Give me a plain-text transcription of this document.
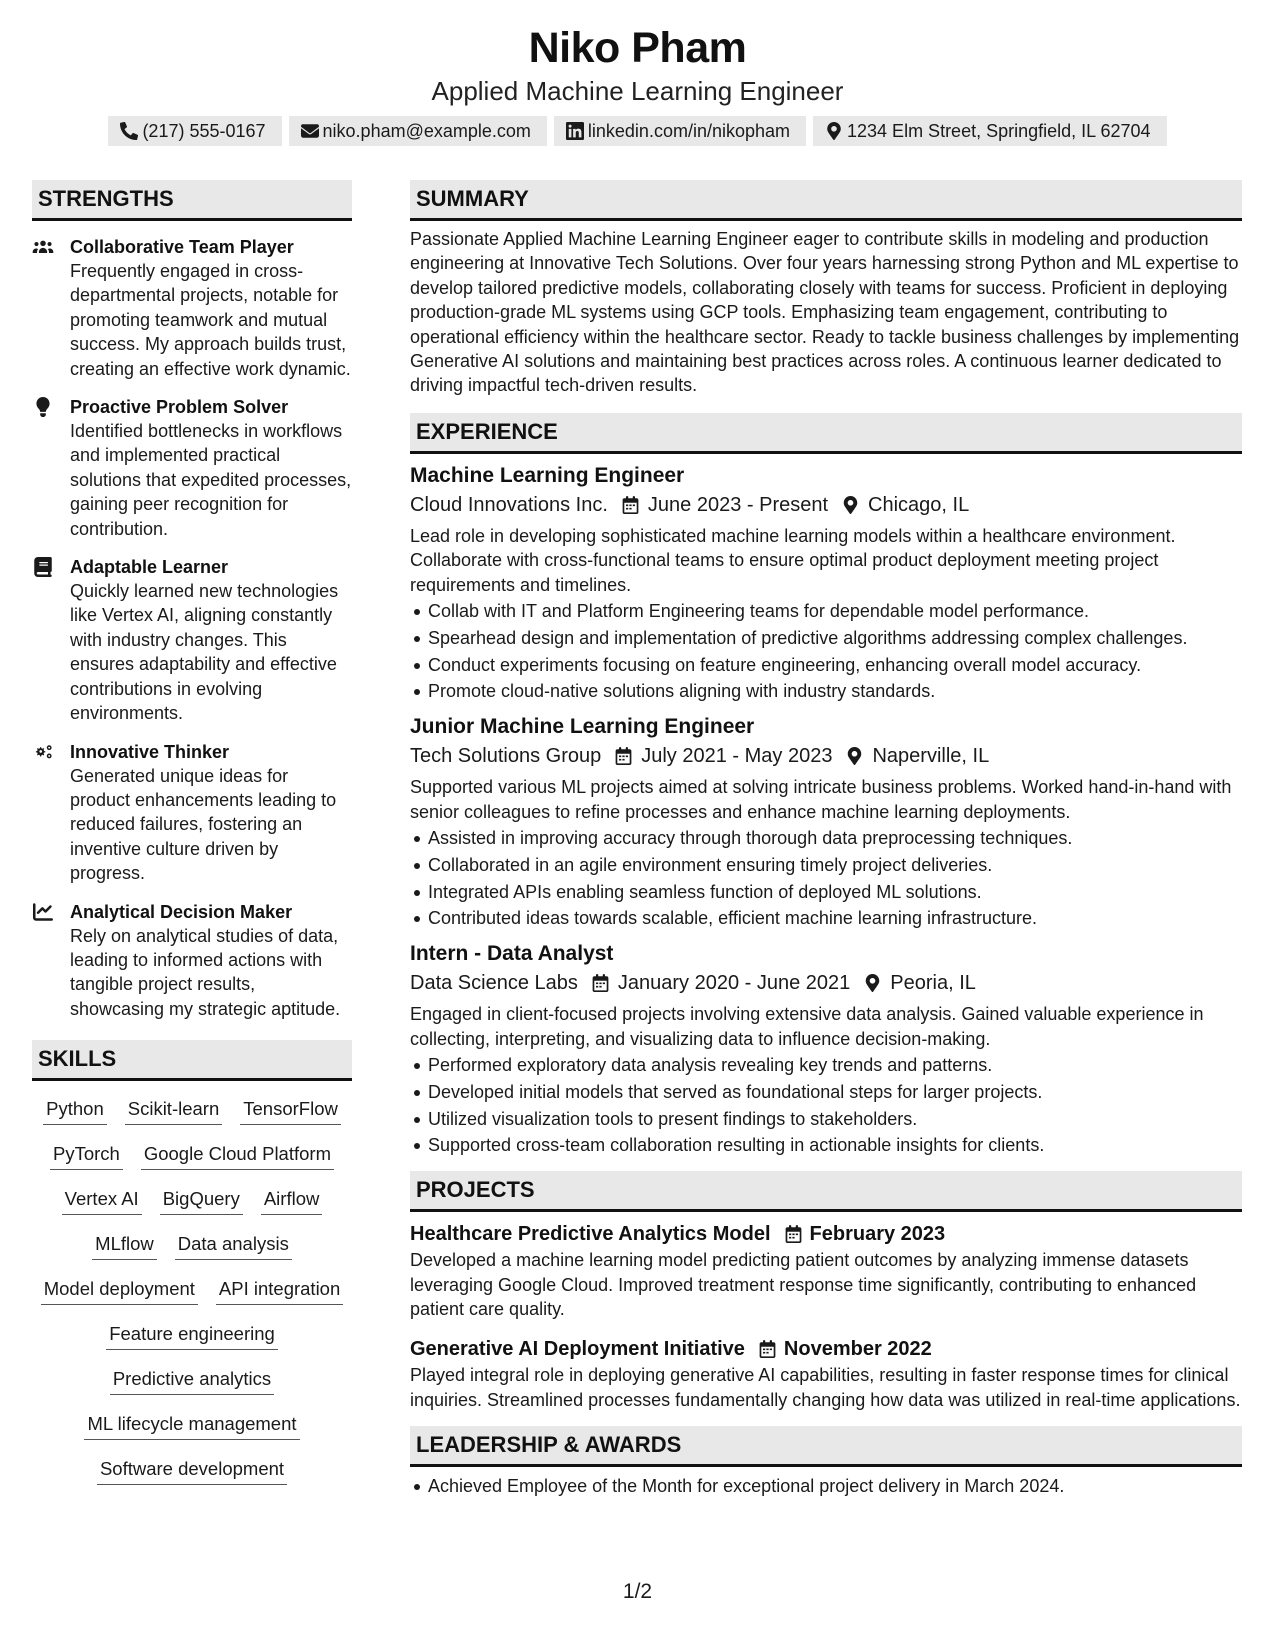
Niko Pham
Applied Machine Learning Engineer
(217) 555-0167	niko.pham@example.com	linkedin.com/in/nikopham	1234 Elm Street, Springfield, IL 62704
STRENGTHS
Collaborative Team Player
Frequently engaged in cross-departmental projects, notable for promoting teamwork and mutual success. My approach builds trust, creating an effective work dynamic.
Proactive Problem Solver
Identified bottlenecks in workflows and implemented practical solutions that expedited processes, gaining peer recognition for contribution.
Adaptable Learner
Quickly learned new technologies like Vertex AI, aligning constantly with industry changes. This ensures adaptability and effective contributions in evolving environments.
Innovative Thinker
Generated unique ideas for product enhancements leading to reduced failures, fostering an inventive culture driven by progress.
Analytical Decision Maker
Rely on analytical studies of data, leading to informed actions with tangible project results, showcasing my strategic aptitude.
SKILLS
Python Scikit-learn TensorFlow
PyTorch Google Cloud Platform
Vertex AI BigQuery Airflow
MLflow Data analysis
Model deployment API integration
Feature engineering
Predictive analytics
ML lifecycle management
Software development
SUMMARY
Passionate Applied Machine Learning Engineer eager to contribute skills in modeling and production engineering at Innovative Tech Solutions. Over four years harnessing strong Python and ML expertise to develop tailored predictive models, collaborating closely with teams for success. Proficient in deploying production-grade ML systems using GCP tools. Emphasizing team engagement, contributing to operational efficiency within the healthcare sector. Ready to tackle business challenges by implementing Generative AI solutions and maintaining best practices across roles. A continuous learner dedicated to driving impactful tech-driven results.
EXPERIENCE
Machine Learning Engineer
Cloud Innovations Inc. June 2023 - Present Chicago, IL
Lead role in developing sophisticated machine learning models within a healthcare environment. Collaborate with cross-functional teams to ensure optimal product deployment meeting project requirements and timelines.
Collab with IT and Platform Engineering teams for dependable model performance.
Spearhead design and implementation of predictive algorithms addressing complex challenges.
Conduct experiments focusing on feature engineering, enhancing overall model accuracy.
Promote cloud-native solutions aligning with industry standards.
Junior Machine Learning Engineer
Tech Solutions Group July 2021 - May 2023 Naperville, IL
Supported various ML projects aimed at solving intricate business problems. Worked hand-in-hand with senior colleagues to refine processes and enhance machine learning deployments.
Assisted in improving accuracy through thorough data preprocessing techniques.
Collaborated in an agile environment ensuring timely project deliveries.
Integrated APIs enabling seamless function of deployed ML solutions.
Contributed ideas towards scalable, efficient machine learning infrastructure.
Intern - Data Analyst
Data Science Labs January 2020 - June 2021 Peoria, IL
Engaged in client-focused projects involving extensive data analysis. Gained valuable experience in collecting, interpreting, and visualizing data to influence decision-making.
Performed exploratory data analysis revealing key trends and patterns.
Developed initial models that served as foundational steps for larger projects.
Utilized visualization tools to present findings to stakeholders.
Supported cross-team collaboration resulting in actionable insights for clients.
PROJECTS
Healthcare Predictive Analytics Model February 2023
Developed a machine learning model predicting patient outcomes by analyzing immense datasets leveraging Google Cloud. Improved treatment response time significantly, contributing to enhanced patient care quality.
Generative AI Deployment Initiative November 2022
Played integral role in deploying generative AI capabilities, resulting in faster response times for clinical inquiries. Streamlined processes fundamentally changing how data was utilized in real-time applications.
LEADERSHIP & AWARDS
Achieved Employee of the Month for exceptional project delivery in March 2024.
1/2
